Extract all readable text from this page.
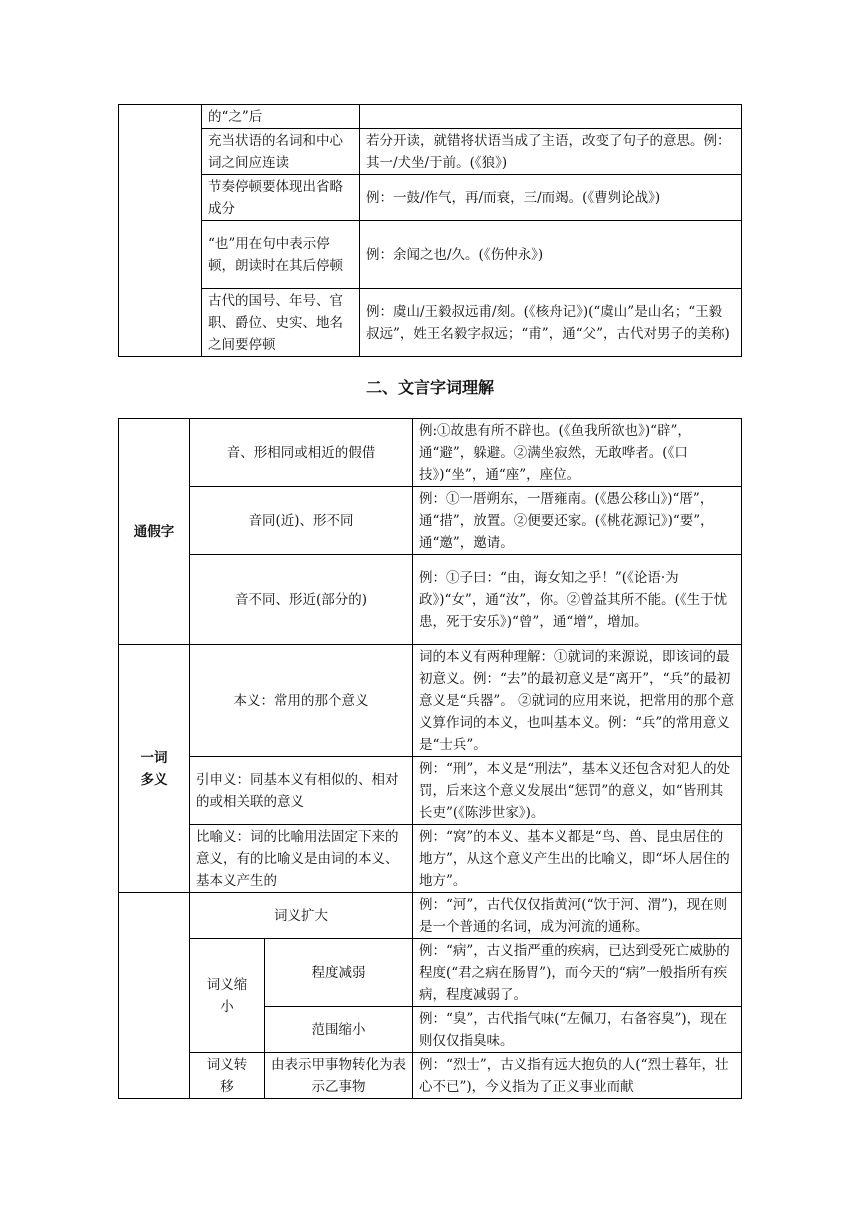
	的“之”后	
	充当状语的名词和中心词之间应连读	若分开读，就错将状语当成了主语，改变了句子的意思。例：其一/犬坐/于前。(《狼》)
	节奏停顿要体现出省略成分	例：一鼓/作气，再/而衰，三/而竭。(《曹刿论战》)
	“也”用在句中表示停顿，朗读时在其后停顿	例：余闻之也/久。(《伤仲永》)
	古代的国号、年号、官职、爵位、史实、地名之间要停顿	例：虞山/王毅叔远甫/刻。(《核舟记》)(“虞山”是山名；“王毅叔远”，姓王名毅字叔远；“甫”，通“父”，古代对男子的美称)
二、文言字词理解
通假字	音、形相同或相近的假借		例:①故患有所不辟也。(《鱼我所欲也》)“辟”，通“避”，躲避。②满坐寂然，无敢哗者。(《口技》)“坐”，通“座”，座位。
	音同(近)、形不同		例：①一厝朔东，一厝雍南。(《愚公移山》)“厝”，通“措”，放置。②便要还家。(《桃花源记》)“要”，通“邀”，邀请。
	音不同、形近(部分的)		例：①子曰：“由，诲女知之乎！”(《论语·为政》)“女”，通“汝”，你。②曾益其所不能。(《生于忧患，死于安乐》)“曾”，通“增”，增加。
一词多义	本义：常用的那个意义		词的本义有两种理解：①就词的来源说，即该词的最初意义。例：“去”的最初意义是“离开”，“兵”的最初意义是“兵器”。 ②就词的应用来说，把常用的那个意义算作词的本义，也叫基本义。例：“兵”的常用意义是“士兵”。
	引申义：同基本义有相似的、相对的或相关联的意义		例：“刑”，本义是“刑法”，基本义还包含对犯人的处罚，后来这个意义发展出“惩罚”的意义，如“皆刑其长吏”(《陈涉世家》)。
	比喻义：词的比喻用法固定下来的意义，有的比喻义是由词的本义、基本义产生的		例：“窝”的本义、基本义都是“鸟、兽、昆虫居住的地方”，从这个意义产生出的比喻义，即“坏人居住的地方”。
	词义扩大		例：“河”，古代仅仅指黄河(“饮于河、渭”)，现在则是一个普通的名词，成为河流的通称。
	词义缩小	程度减弱	例：“病”，古义指严重的疾病，已达到受死亡威胁的程度(“君之病在肠胃”)，而今天的“病”一般指所有疾病，程度减弱了。
		范围缩小	例：“臭”，古代指气味(“左佩刀，右备容臭”)，现在则仅仅指臭味。
	词义转移	由表示甲事物转化为表示乙事物	例：“烈士”，古义指有远大抱负的人(“烈士暮年，壮心不已”)，今义指为了正义事业而献
